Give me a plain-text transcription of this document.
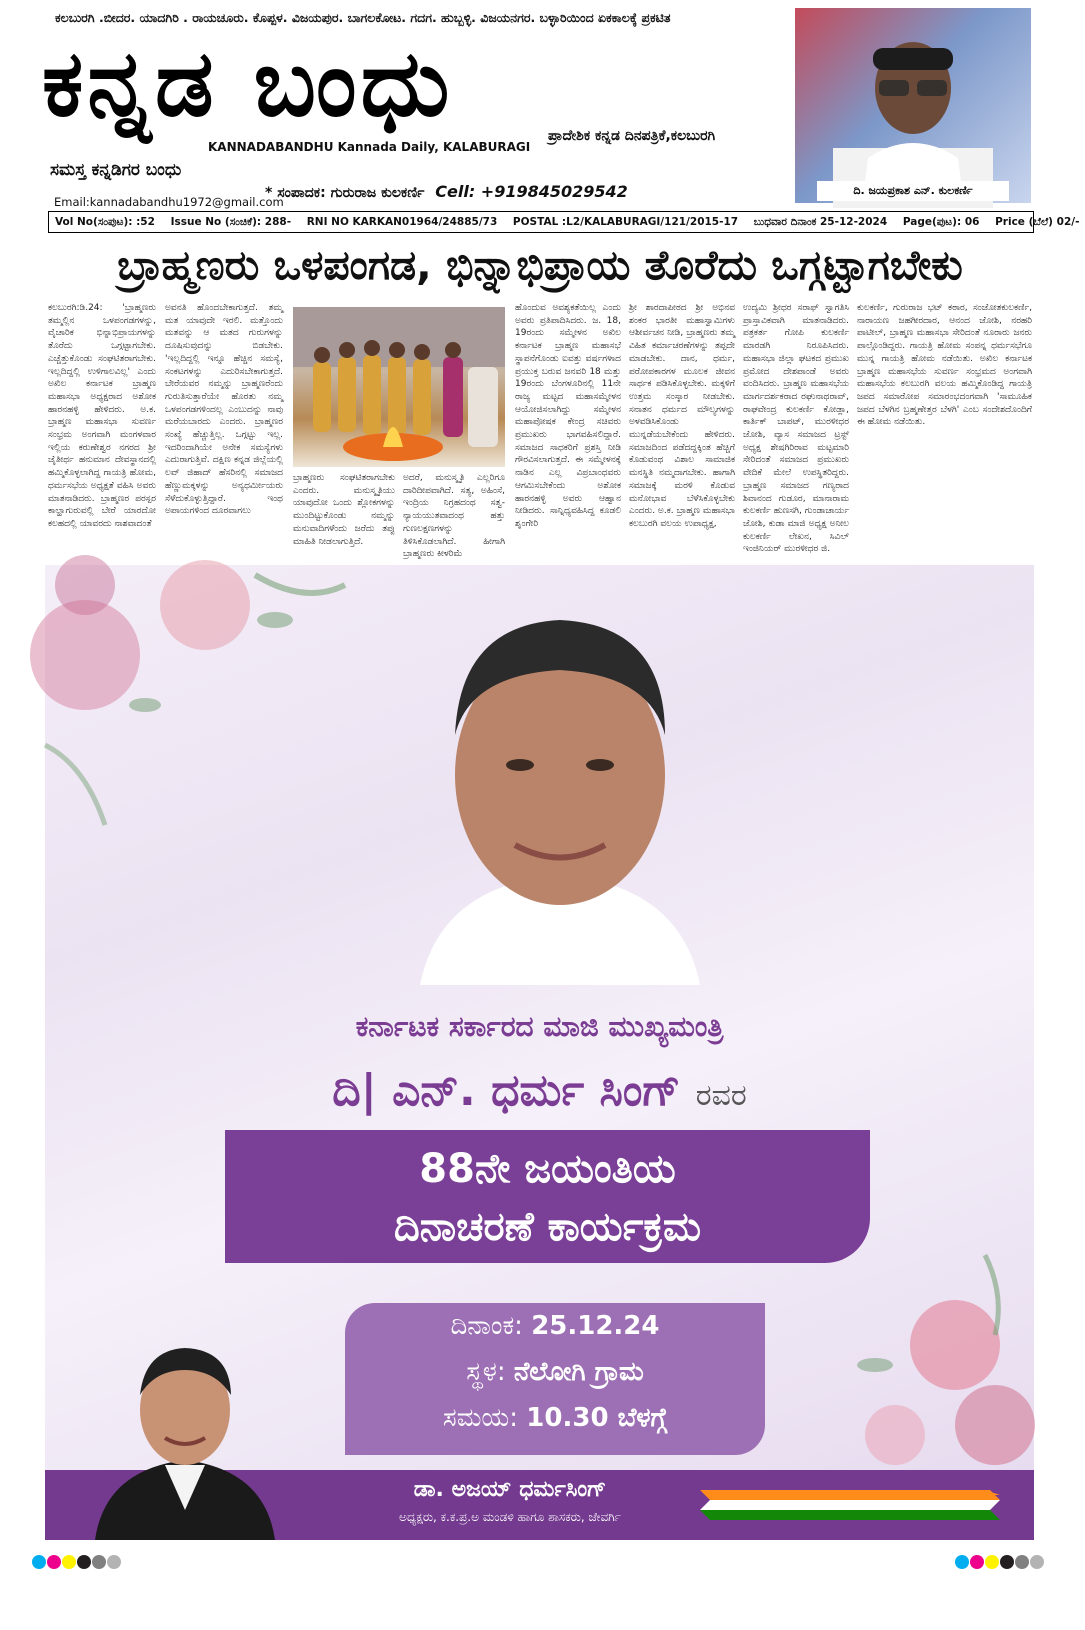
ಕಲಬುರಗಿ .ಬೀದರ. ಯಾದಗಿರಿ . ರಾಯಚೂರು. ಕೊಪ್ಪಳ. ವಿಜಯಪುರ. ಬಾಗಲಕೋಟ. ಗದಗ. ಹುಬ್ಬಳ್ಳಿ. ವಿಜಯನಗರ. ಬಳ್ಳಾರಿಯಿಂದ ಏಕಕಾಲಕ್ಕೆ ಪ್ರಕಟಿತ
ಕನ್ನಡ ಬಂಧು	ಪ್ರಾದೇಶಿಕ ಕನ್ನಡ ದಿನಪತ್ರಿಕೆ,ಕಲಬುರಗಿ
KANNADABANDHU Kannada Daily, KALABURAGI
ಸಮಸ್ತ ಕನ್ನಡಿಗರ ಬಂಧು
* ಸಂಪಾದಕ: ಗುರುರಾಜ ಕುಲಕರ್ಣಿ Cell: +919845029542
Email:kannadabandhu1972@gmail.com
ಸಂಸ್ಥಾಪಕ ಸಂಪಾದಕ
ದಿ. ಜಯಪ್ರಕಾಶ ಎನ್. ಕುಲಕರ್ಣಿ
Vol No(ಸಂಪುಟ): :52 Issue No (ಸಂಚಿಕೆ): 288- RNI NO KARKAN01964/24885/73 POSTAL :L2/KALABURAGI/121/2015-17 ಬುಧವಾರ ದಿನಾಂಕ 25-12-2024 Page(ಪುಟ): 06 Price (ಬೆಲೆ) 02/-
ಬ್ರಾಹ್ಮಣರು ಒಳಪಂಗಡ, ಭಿನ್ನಾಭಿಪ್ರಾಯ ತೊರೆದು ಒಗ್ಗಟ್ಟಾಗಬೇಕು
ಕಲಬುರಗಿ:ಡಿ.24: 'ಬ್ರಾಹ್ಮಣರು ತಮ್ಮಲ್ಲಿನ ಒಳಪಂಗಡಗಳನ್ನು, ವೈಚಾರಿಕ ಭಿನ್ನಾಭಿಪ್ರಾಯಗಳನ್ನು ತೊರೆದು ಒಗ್ಗಟ್ಟಾಗಬೇಕು. ಎಚ್ಚೆತ್ತುಕೊಂಡು ಸಂಘಟಿತರಾಗಬೇಕು. ಇಲ್ಲದಿದ್ದಲ್ಲಿ ಉಳಿಗಾಲವಿಲ್ಲ' ಎಂದು ಅಖಿಲ ಕರ್ನಾಟಕ ಬ್ರಾಹ್ಮಣ ಮಹಾಸಭಾ ಅಧ್ಯಕ್ಷರಾದ ಅಶೋಕ ಹಾರನಹಳ್ಳಿ ಹೇಳಿದರು. ಅ.ಕ. ಬ್ರಾಹ್ಮಣ ಮಹಾಸಭಾ ಸುವರ್ಣ ಸಂಭ್ರಮ ಅಂಗವಾಗಿ ಮಂಗಳವಾರ ಇಲ್ಲಿಯ ಕರುಣೇಶ್ವರ ನಗರದ ಶ್ರೀ ಜೈತೀರ್ಥ ಹನುಮಾನ ದೇವಸ್ಥಾನದಲ್ಲಿ ಹಮ್ಮಿಕೊಳ್ಳಲಾಗಿದ್ದ ಗಾಯತ್ರಿ ಹೋಮ, ಧರ್ಮಸಭೆಯ ಅಧ್ಯಕ್ಷತೆ ವಹಿಸಿ ಅವರು ಮಾತನಾಡಿದರು. ಬ್ರಾಹ್ಮಣರ ಪರಸ್ಪರ ಕಾಲ್ಹಾಗುರುವಲ್ಲಿ ಬೇರೆ ಯಾರದೋ ಕಲಹದಲ್ಲಿ ಯಾವರದು ನಾಶವಾದಂತೆ
ಅವನತಿ ಹೊಂದಬೇಕಾಗುತ್ತದೆ. ತಮ್ಮ ಮತ ಯಾವುದೇ ಇರಲಿ. ಮತ್ತೊಂದು ಮತವನ್ನು ಆ ಮತದ ಗುರುಗಳನ್ನು ದೂಷಿಸುವುದನ್ನು ಬಿಡಬೇಕು. 'ಇಲ್ಲದಿದ್ದಲ್ಲಿ ಇನ್ನೂ ಹೆಚ್ಚಿನ ಸಮಸ್ಯೆ, ಸಂಕಟಗಳನ್ನು ಎದುರಿಸಬೇಕಾಗುತ್ತದೆ. ಬೇರೆಯವರ ನಮ್ಮನ್ನು ಬ್ರಾಹ್ಮಣರೆಂದು ಗುರುತಿಸುತ್ತಾರೆಯೇ ಹೊರತು ನಮ್ಮ ಒಳಪಂಗಡಗಳಿಂದಲ್ಲ ಎಂಬುದನ್ನು ನಾವು ಮರೆಯಬಾರದು ಎಂದರು. ಬ್ರಾಹ್ಮಣರ ಸಂಖ್ಯೆ ಹೆಚ್ಚುತ್ತಿಲ್ಲ. ಒಗ್ಗಟ್ಟು ಇಲ್ಲ. ಇದರಿಂದಾಗಿಯೇ ಅನೇಕ ಸಮಸ್ಯೆಗಳು ಎದುರಾಗುತ್ತಿವೆ. ದಕ್ಷಿಣ ಕನ್ನಡ ಜಿಲ್ಲೆಯಲ್ಲಿ ಲವ್ ಜಿಹಾದ್ ಹೆಸರಿನಲ್ಲಿ ಸಮಾಜದ ಹೆಣ್ಣುಮಕ್ಕಳನ್ನು ಅನ್ಯಧರ್ಮೀಯರು ಸೆಳೆದುಕೊಳ್ಳುತ್ತಿದ್ದಾರೆ. ಇಂಥ ಅಪಾಯಗಳಿಂದ ದೂರವಾಗಲು
ಬ್ರಾಹ್ಮಣರು ಸಂಘಟಿತರಾಗಬೇಕು ಎಂದರು. ಮನುಸ್ಮೃತಿಯು ಯಾವುದೋ ಒಂದು ಶ್ಲೋಕಗಳನ್ನು ಮುಂದಿಟ್ಟುಕೊಂಡು ನಮ್ಮನ್ನು ಮನುವಾದಿಗಳೆಂದು ಜರೆದು ತಪ್ಪು ಮಾಹಿತಿ ನೀಡಲಾಗುತ್ತಿದೆ.
ಅದರೆ, ಮನುಸ್ಮೃತಿ ಎಲ್ಲರಿಗೂ ದಾರಿದೀಪವಾಗಿದೆ. ಸತ್ಯ, ಅಹಿಂಸೆ, ಇಂದ್ರಿಯ ನಿಗ್ರಹದಂಥ ಸತ್ವ-ನ್ಯಾಯಯುತವಾದಂಥ ಹತ್ತು ಗುಣಲಕ್ಷಣಗಳನ್ನು ತಿಳಿಸಿಕೊಡಲಾಗಿದೆ. ಹೀಗಾಗಿ ಬ್ರಾಹ್ಮಣರು ಕೀಳರಿಮೆ
ಹೊಂದುವ ಅವಶ್ಯಕತೆಯಿಲ್ಲ ಎಂದು ಅವರು ಪ್ರತಿಪಾದಿಸಿದರು. ಜ. 18, 19ರಂದು ಸಮ್ಮೇಳನ ಅಖಿಲ ಕರ್ನಾಟಕ ಬ್ರಾಹ್ಮಣ ಮಹಾಸಭೆ ಸ್ಥಾಪನೆಗೊಂಡು ಐವತ್ತು ವರ್ಷಗಳಾದ ಪ್ರಯುಕ್ತ ಬರುವ ಜನವರಿ 18 ಮತ್ತು 19ರಂದು ಬೆಂಗಳೂರಿನಲ್ಲಿ 11ನೇ ರಾಜ್ಯ ಮಟ್ಟದ ಮಹಾಸಮ್ಮೇಳನ ಆಯೋಜಿಸಲಾಗಿದ್ದು ಸಮ್ಮೇಳನ ಮಹಾಪೋಷಕ ಕೇಂದ್ರ ಸಚಿವರು ಪ್ರಮುಖರು ಭಾಗವಹಿಸಲಿದ್ದಾರೆ. ಸಮಾಜದ ಸಾಧಕರಿಗೆ ಪ್ರಶಸ್ತಿ ನೀಡಿ ಗೌರವಿಸಲಾಗುತ್ತದೆ. ಈ ಸಮ್ಮೇಳನಕ್ಕೆ ನಾಡಿನ ಎಲ್ಲ ವಿಪ್ರಬಾಂಧವರು ಆಗಮಿಸಬೇಕೆಂದು ಅಶೋಕ ಹಾರನಹಳ್ಳಿ ಅವರು ಆಹ್ವಾನ ನೀಡಿದರು. ಸಾನ್ನಿಧ್ಯವಹಿಸಿದ್ದ ಕೂಡಲಿ ಶೃಂಗೇರಿ
ಶ್ರೀ ಶಾರದಾಪೀಠದ ಶ್ರೀ ಅಭಿನವ ಶಂಕರ ಭಾರತೀ ಮಹಾಸ್ವಾಮಿಗಳು ಆಶೀರ್ವಚನ ನೀಡಿ, ಬ್ರಾಹ್ಮಣರು ತಮ್ಮ ವಿಹಿತ ಕರ್ಮಾಚರಣೆಗಳನ್ನು ತಪ್ಪದೇ ಮಾಡಬೇಕು. ದಾನ, ಧರ್ಮ, ಪರೋಪಕಾರಗಳ ಮೂಲಕ ಜೀವನ ಸಾರ್ಥಕ ಪಡಿಸಿಕೊಳ್ಳಬೇಕು. ಮಕ್ಕಳಿಗೆ ಉತ್ತಮ ಸಂಸ್ಕಾರ ನೀಡಬೇಕು. ಸನಾತನ ಧರ್ಮದ ಮೌಲ್ಯಗಳನ್ನು ಅಳವಡಿಸಿಕೊಂಡು ಮುನ್ನಡೆಯಬೇಕೆಂದು ಹೇಳಿದರು. ಸಮಾಜದಿಂದ ಪಡೆದದ್ದಕ್ಕಿಂತ ಹೆಚ್ಚಿಗೆ ಕೊಡುವಂಥ ವಿಶಾಲ ಸಾಮಾಜಿಕ ಮನಸ್ಥಿತಿ ನಮ್ಮದಾಗಬೇಕು. ಹಾಗಾಗಿ ಸಮಾಜಕ್ಕೆ ಮರಳಿ ಕೊಡುವ ಮನೋಭಾವ ಬೆಳೆಸಿಕೊಳ್ಳಬೇಕು ಎಂದರು. ಅ.ಕ. ಬ್ರಾಹ್ಮಣ ಮಹಾಸಭಾ ಕಲಬುರಗಿ ವಲಯ ಉಪಾಧ್ಯಕ್ಷ,
ಉದ್ಯಮಿ ಶ್ರೀಧರ ಸರಾಫ್ ಸ್ವಾಗತಿಸಿ ಪ್ರಾಸ್ತಾವಿಕವಾಗಿ ಮಾತನಾಡಿದರು. ಪತ್ರಕರ್ತ ಗೋಪಿ ಕುಲಕರ್ಣಿ ಮಾರಡಗಿ ನಿರೂಪಿಸಿದರು. ಮಹಾಸಭಾ ಜಿಲ್ಲಾ ಘಟಕದ ಪ್ರಮುಖ ಪ್ರಮೋದ ದೇಶಪಾಂಡೆ ಅವರು ವಂದಿಸಿದರು. ಬ್ರಾಹ್ಮಣ ಮಹಾಸಭೆಯ ಮಾರ್ಗದರ್ಶಕರಾದ ರಘುನಾಥರಾವ್, ರಾಘವೇಂದ್ರ ಕುಲಕರ್ಣಿ ಕೋಡ್ಲಾ, ಕಾರ್ತಿಕ್ ಬಾಪಟ್, ಮುರಳೀಧರ ಜೋಶಿ, ವ್ಯಾಸ ಸಮಾಜದ ಟ್ರಸ್ಟ್ ಅಧ್ಯಕ್ಷ ಶೇಷಗಿರಿರಾವ ಮಟ್ಟಮಾರಿ ಸೇರಿದಂತೆ ಸಮಾಜದ ಪ್ರಮುಖರು ವೇದಿಕೆ ಮೇಲೆ ಉಪಸ್ಥಿತರಿದ್ದರು. ಬ್ರಾಹ್ಮಣ ಸಮಾಜದ ಗಣ್ಯರಾದ ಶಿವಾನಂದ ಗುಡೂರ, ಮಾನಾರಾಮ ಕುಲಕರ್ಣಿ ಹುಣಸಗಿ, ಗುಂಡಾಚಾರ್ಯ ಜೋಶಿ, ಕುಡಾ ಮಾಜಿ ಅಧ್ಯಕ್ಷ ಅನೀಲ ಕುಲಕರ್ಣಿ ಲೇಖನ, ಸಿವಿಲ್ ಇಂಜಿನಿಯರ್ ಮುರಳೀಧರ ಜಿ.
ಕುಲಕರ್ಣಿ, ಗುರುರಾಜ ಭಟ್ ಕಠಾರ, ಸಂಜೋತಕುಲಕರ್ಣಿ, ನಾರಾಯಣ ಜಹಗೀರದಾರ, ಆನಂದ ಜೋಶಿ, ನರಹರಿ ಪಾಟೀಲ್, ಬ್ರಾಹ್ಮಣ ಮಹಾಸಭಾ ಸೇರಿದಂತೆ ನೂರಾರು ಜನರು ಪಾಲ್ಗೊಂಡಿದ್ದರು. ಗಾಯತ್ರಿ ಹೋಮ ಸಂಪನ್ನ ಧರ್ಮಸಭೆಗೂ ಮುನ್ನ ಗಾಯತ್ರಿ ಹೋಮ ನಡೆಯಿತು. ಅಖಿಲ ಕರ್ನಾಟಕ ಬ್ರಾಹ್ಮಣ ಮಹಾಸಭೆಯ ಸುವರ್ಣ ಸಂಭ್ರಮದ ಅಂಗವಾಗಿ ಮಹಾಸಭೆಯ ಕಲಬುರಗಿ ವಲಯ ಹಮ್ಮಿಕೊಂಡಿದ್ದ ಗಾಯತ್ರಿ ಜಪದ ಸಮಾರೋಪ ಸಮಾರಂಭದಂಗವಾಗಿ 'ಸಾಮೂಹಿಕ ಜಪದ ಬೆಳಗಿನ ಬ್ರಹ್ಮಣೇತ್ತರ ಬೆಳಗಿ' ಎಂಬ ಸಂದೇಶದೊಂದಿಗೆ ಈ ಹೋಮ ನಡೆಯಿತು.
ಕರ್ನಾಟಕ ಸರ್ಕಾರದ ಮಾಜಿ ಮುಖ್ಯಮಂತ್ರಿ
ದಿ| ಎನ್. ಧರ್ಮ ಸಿಂಗ್ ರವರ
88ನೇ ಜಯಂತಿಯ
ದಿನಾಚರಣೆ ಕಾರ್ಯಕ್ರಮ
ದಿನಾಂಕ: 25.12.24
ಸ್ಥಳ: ನೆಲೋಗಿ ಗ್ರಾಮ
ಸಮಯ: 10.30 ಬೆಳಗ್ಗೆ
ಡಾ. ಅಜಯ್ ಧರ್ಮಸಿಂಗ್
ಅಧ್ಯಕ್ಷರು, ಕ.ಕ.ಪ್ರ.ಅ ಮಂಡಳಿ ಹಾಗೂ ಶಾಸಕರು, ಜೇವರ್ಗಿ
